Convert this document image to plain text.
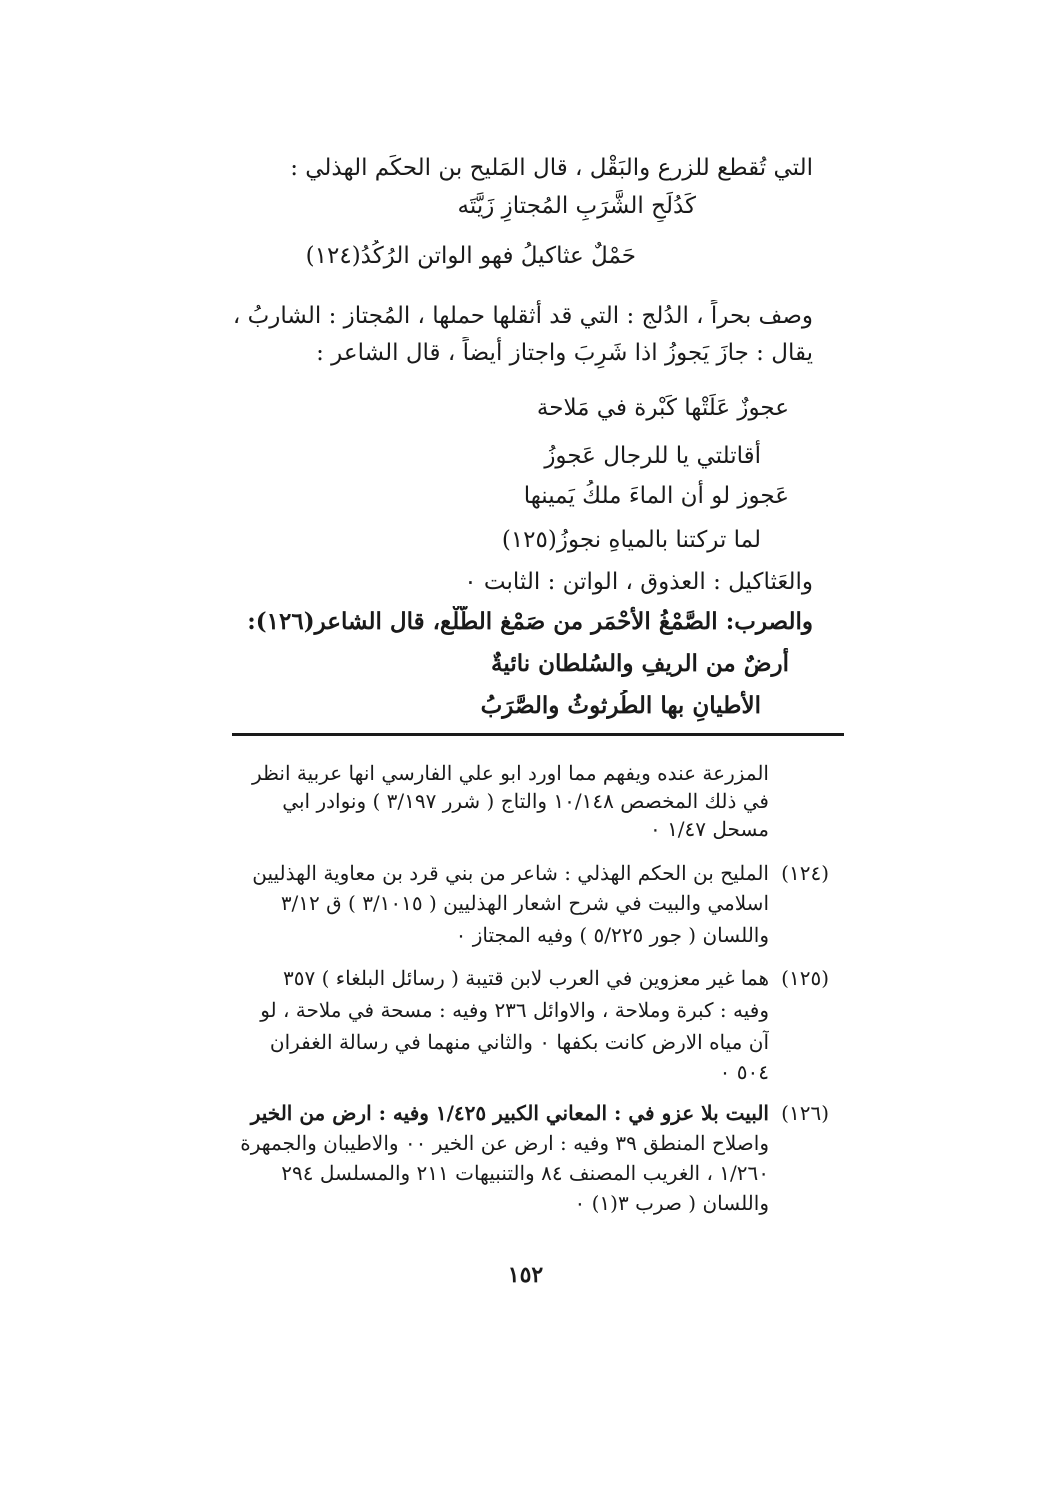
التي تُقطع للزرع والبَقْل ، قال المَليح بن الحكَم الهذلي :
كَدُلَحِ الشَّرَبِ المُجتازِ زَيَّتَه
حَمْلٌ عثاكيلُ فهو الواتن الرُكُدُ(١٢٤)
وصف بحراً ، الدُلج : التي قد أثقلها حملها ، المُجتاز : الشاربُ ،
يقال : جازَ يَجوزُ اذا شَرِبَ واجتاز أيضاً ، قال الشاعر :
عجوزٌ عَلَتْها كَبْرة في مَلاحة
أقاتلتي يا للرجال عَجوزُ
عَجوز لو أن الماءَ ملكُ يَمينها
لما تركتنا بالمياهِ نجوزُ(١٢٥)
والعَثاكيل : العذوق ، الواتن : الثابت ٠
والصرب: الصَّمْغُ الأحْمَر من صَمْغ الطَّلْع، قال الشاعر(١٢٦):
أرضٌ من الريفِ والسُلطان نائيةٌ
الأطيانِ بها الطُرثوثُ والصَّرَبُ
المزرعة عنده ويفهم مما اورد ابو علي الفارسي انها عربية انظر
في ذلك المخصص ١٠/١٤٨ والتاج ( شرر ٣/١٩٧ ) ونوادر ابي
مسحل ١/٤٧ ٠
(١٢٤)
المليح بن الحكم الهذلي : شاعر من بني قرد بن معاوية الهذليين
اسلامي والبيت في شرح اشعار الهذليين ( ٣/١٠١٥ ) ق ٣/١٢
واللسان ( جور ٥/٢٢٥ ) وفيه المجتاز ٠
(١٢٥)
هما غير معزوين في العرب لابن قتيبة ( رسائل البلغاء ) ٣٥٧
وفيه : كبرة وملاحة ، والاوائل ٢٣٦ وفيه : مسحة في ملاحة ، لو
آن مياه الارض كانت بكفها ٠ والثاني منهما في رسالة الغفران
٥٠٤ ٠
(١٢٦)
البيت بلا عزو في : المعاني الكبير ١/٤٢٥ وفيه : ارض من الخير
واصلاح المنطق ٣٩ وفيه : ارض عن الخير ٠٠ والاطيبان والجمهرة
١/٢٦٠ ، الغريب المصنف ٨٤ والتنبيهات ٢١١ والمسلسل ٢٩٤
واللسان ( صرب ٣(١) ٠
١٥٢
